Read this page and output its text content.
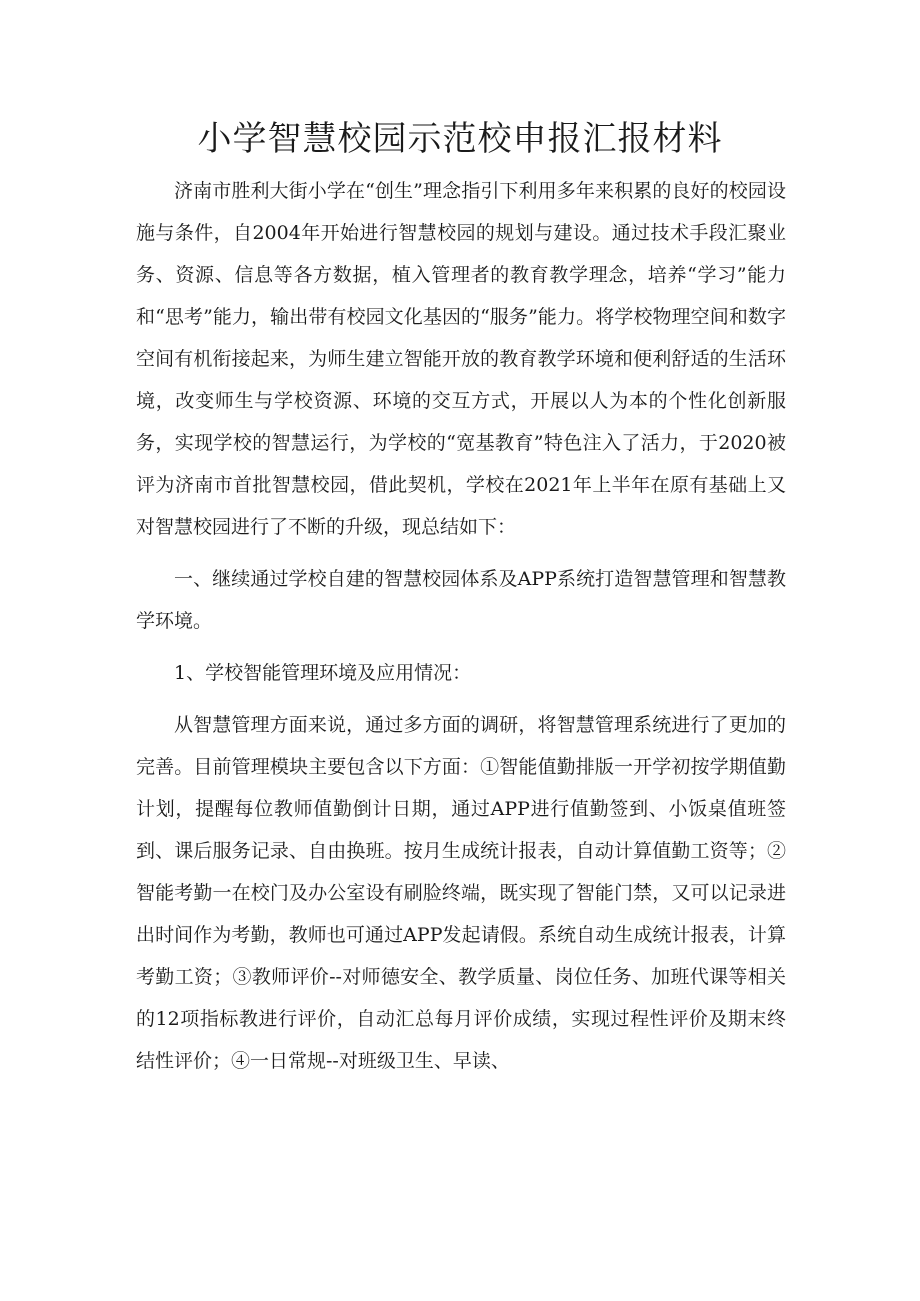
小学智慧校园示范校申报汇报材料

济南市胜利大街小学在“创生”理念指引下利用多年来积累的良好的校园设施与条件，自2004年开始进行智慧校园的规划与建设。通过技术手段汇聚业务、资源、信息等各方数据，植入管理者的教育教学理念，培养“学习”能力和“思考”能力，输出带有校园文化基因的“服务”能力。将学校物理空间和数字空间有机衔接起来，为师生建立智能开放的教育教学环境和便利舒适的生活环境，改变师生与学校资源、环境的交互方式，开展以人为本的个性化创新服务，实现学校的智慧运行，为学校的“宽基教育”特色注入了活力，于2020被评为济南市首批智慧校园，借此契机，学校在2021年上半年在原有基础上又对智慧校园进行了不断的升级，现总结如下：

一、继续通过学校自建的智慧校园体系及APP系统打造智慧管理和智慧教学环境。

1、学校智能管理环境及应用情况：

从智慧管理方面来说，通过多方面的调研，将智慧管理系统进行了更加的完善。目前管理模块主要包含以下方面：①智能值勤排版一开学初按学期值勤计划，提醒每位教师值勤倒计日期，通过APP进行值勤签到、小饭桌值班签到、课后服务记录、自由换班。按月生成统计报表，自动计算值勤工资等；②智能考勤一在校门及办公室设有刷脸终端，既实现了智能门禁，又可以记录进出时间作为考勤，教师也可通过APP发起请假。系统自动生成统计报表，计算考勤工资；③教师评价--对师德安全、教学质量、岗位任务、加班代课等相关的12项指标教进行评价，自动汇总每月评价成绩，实现过程性评价及期末终结性评价；④一日常规--对班级卫生、早读、
